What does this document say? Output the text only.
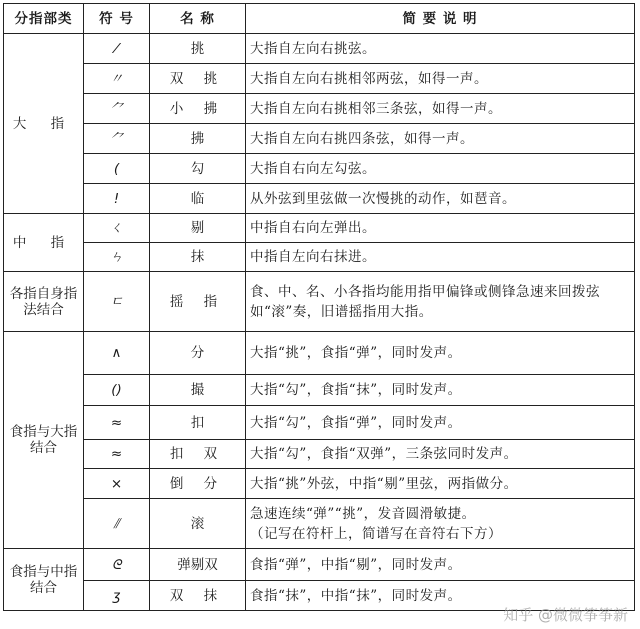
分指部类	符 号	名 称	简 要 说 明
大 指	⁄	挑	大指自左向右挑弦。
	〃	双 挑	大指自左向右挑相邻两弦，如得一声。
	⺈	小 拂	大指自左向右挑相邻三条弦，如得一声。
	⺈	拂	大指自左向右挑四条弦，如得一声。
	(	勾	大指自右向左勾弦。
	!	临	从外弦到里弦做一次慢挑的动作，如琶音。
中 指	ㄑ	剔	中指自右向左弹出。
	ㄣ	抹	中指自左向右抹进。
各指自身指法结合	ㄷ	摇 指	食、中、名、小各指均能用指甲偏锋或侧锋急速来回拨弦如“滚”奏，旧谱摇指用大指。
食指与大指结合	∧	分	大指“挑”，食指“弹”，同时发声。
	()	撮	大指“勾”，食指“抹”，同时发声。
	≈	扣	大指“勾”，食指“弹”，同时发声。
	≈	扣 双	大指“勾”，食指“双弹”，三条弦同时发声。
	×	倒 分	大指“挑”外弦，中指“剔”里弦，两指做分。
	⫽	滚	急速连续“弹”“挑”，发音圆滑敏捷。
（记写在符杆上，简谱写在音符右下方）

食指与中指结合	ᘓ	弹剔双	食指“弹”，中指“剔”，同时发声。
	ʒ	双 抹	食指“抹”，中指“抹”，同时发声。
知乎 @微微筝筝新
